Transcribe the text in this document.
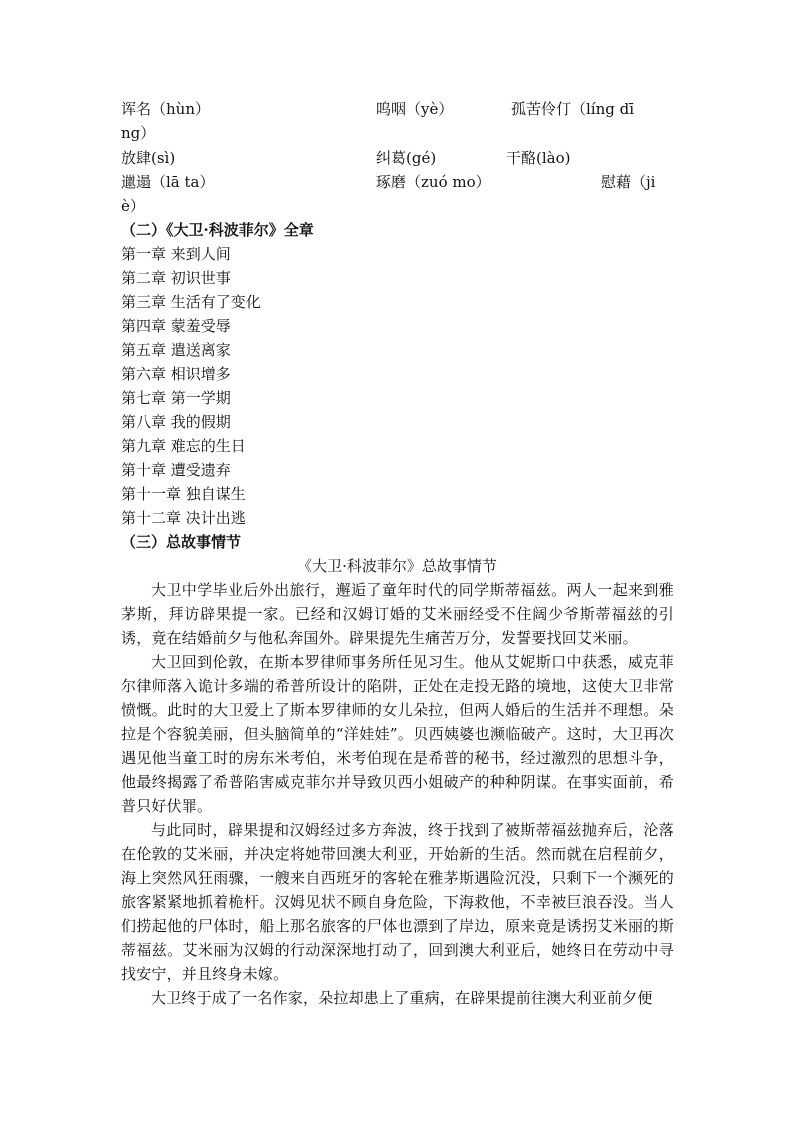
诨名（hùn）	呜咽（yè）	孤苦伶仃（líng dī
ng）
放肆(sì)	纠葛(gé)	干酪(lào)
邋遢（lā ta）	琢磨（zuó mo）	慰藉（ji
è）
（二）《大卫·科波菲尔》全章
第一章 来到人间
第二章 初识世事
第三章 生活有了变化
第四章 蒙羞受辱
第五章 遣送离家
第六章 相识增多
第七章 第一学期
第八章 我的假期
第九章 难忘的生日
第十章 遭受遗弃
第十一章 独自谋生
第十二章 决计出逃
（三）总故事情节
《大卫·科波菲尔》总故事情节
大卫中学毕业后外出旅行，邂逅了童年时代的同学斯蒂福兹。两人一起来到雅茅斯，拜访辟果提一家。已经和汉姆订婚的艾米丽经受不住阔少爷斯蒂福兹的引诱，竟在结婚前夕与他私奔国外。辟果提先生痛苦万分，发誓要找回艾米丽。
大卫回到伦敦，在斯本罗律师事务所任见习生。他从艾妮斯口中获悉，威克菲尔律师落入诡计多端的希普所设计的陷阱，正处在走投无路的境地，这使大卫非常愤慨。此时的大卫爱上了斯本罗律师的女儿朵拉，但两人婚后的生活并不理想。朵拉是个容貌美丽，但头脑简单的“洋娃娃”。贝西姨婆也濒临破产。这时，大卫再次遇见他当童工时的房东米考伯，米考伯现在是希普的秘书，经过激烈的思想斗争，他最终揭露了希普陷害威克菲尔并导致贝西小姐破产的种种阴谋。在事实面前，希普只好伏罪。
与此同时，辟果提和汉姆经过多方奔波，终于找到了被斯蒂福兹抛弃后，沦落在伦敦的艾米丽，并决定将她带回澳大利亚，开始新的生活。然而就在启程前夕，海上突然风狂雨骤，一艘来自西班牙的客轮在雅茅斯遇险沉没，只剩下一个濒死的旅客紧紧地抓着桅杆。汉姆见状不顾自身危险，下海救他，不幸被巨浪吞没。当人们捞起他的尸体时，船上那名旅客的尸体也漂到了岸边，原来竟是诱拐艾米丽的斯蒂福兹。艾米丽为汉姆的行动深深地打动了，回到澳大利亚后，她终日在劳动中寻找安宁，并且终身未嫁。
大卫终于成了一名作家，朵拉却患上了重病，在辟果提前往澳大利亚前夕便
